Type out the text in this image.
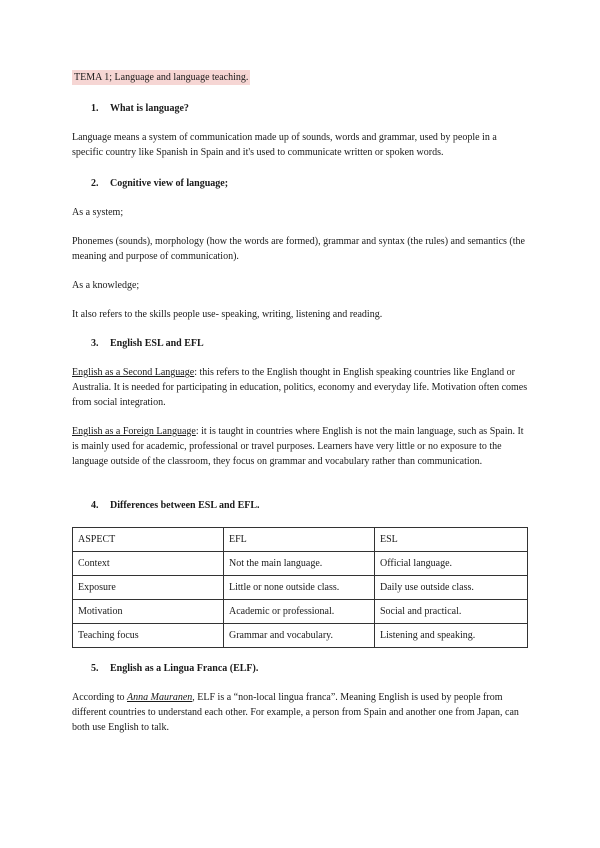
TEMA 1; Language and language teaching.
1. What is language?

Language means a system of communication made up of sounds, words and grammar, used by people in a specific country like Spanish in Spain and it's used to communicate written or spoken words.

2. Cognitive view of language;

As a system;

Phonemes (sounds), morphology (how the words are formed), grammar and syntax (the rules) and semantics (the meaning and purpose of communication).

As a knowledge;

It also refers to the skills people use- speaking, writing, listening and reading.

3. English ESL and EFL

English as a Second Language: this refers to the English thought in English speaking countries like England or Australia. It is needed for participating in education, politics, economy and everyday life. Motivation often comes from social integration.

English as a Foreign Language: it is taught in countries where English is not the main language, such as Spain. It is mainly used for academic, professional or travel purposes. Learners have very little or no exposure to the language outside of the classroom, they focus on grammar and vocabulary rather than communication.

4. Differences between ESL and EFL.
ASPECT	EFL	ESL
Context	Not the main language.	Official language.
Exposure	Little or none outside class.	Daily use outside class.
Motivation	Academic or professional.	Social and practical.
Teaching focus	Grammar and vocabulary.	Listening and speaking.
5. English as a Lingua Franca (ELF).

According to Anna Mauranen, ELF is a “non-local lingua franca”. Meaning English is used by people from different countries to understand each other. For example, a person from Spain and another one from Japan, can both use English to talk.
